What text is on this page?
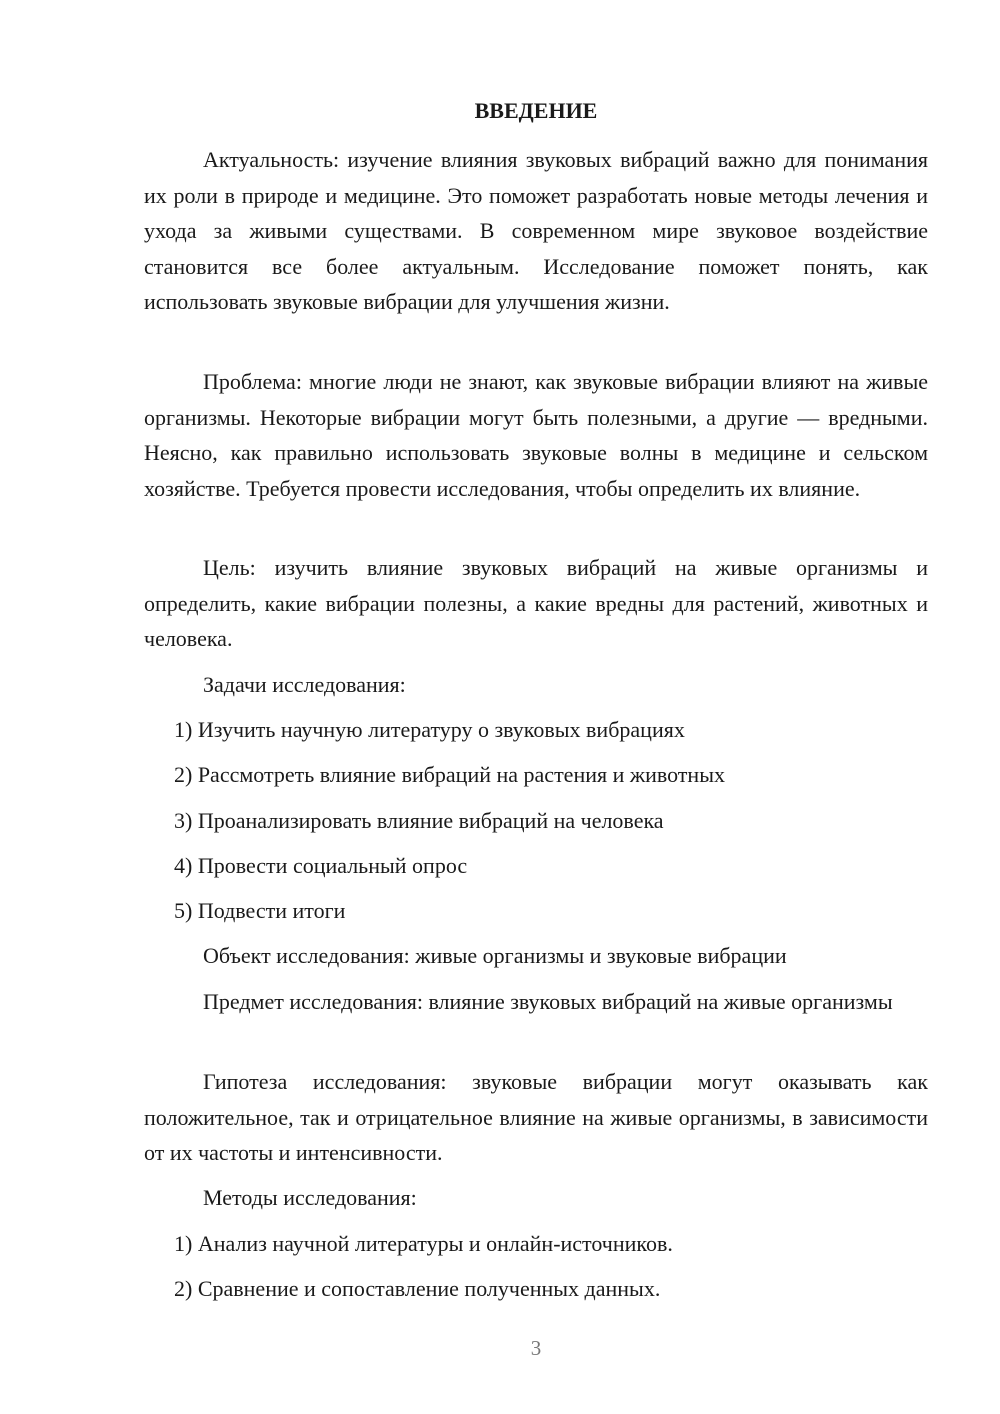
ВВЕДЕНИЕ

Актуальность: изучение влияния звуковых вибраций важно для понимания их роли в природе и медицине. Это поможет разработать новые методы лечения и ухода за живыми существами. В современном мире звуковое воздействие становится все более актуальным. Исследование поможет понять, как использовать звуковые вибрации для улучшения жизни.

Проблема: многие люди не знают, как звуковые вибрации влияют на живые организмы. Некоторые вибрации могут быть полезными, а другие — вредными. Неясно, как правильно использовать звуковые волны в медицине и сельском хозяйстве. Требуется провести исследования, чтобы определить их влияние.

Цель: изучить влияние звуковых вибраций на живые организмы и определить, какие вибрации полезны, а какие вредны для растений, животных и человека.

Задачи исследования:

1) Изучить научную литературу о звуковых вибрациях

2) Рассмотреть влияние вибраций на растения и животных

3) Проанализировать влияние вибраций на человека

4) Провести социальный опрос

5) Подвести итоги

Объект исследования: живые организмы и звуковые вибрации

Предмет исследования: влияние звуковых вибраций на живые организмы

Гипотеза исследования: звуковые вибрации могут оказывать как положительное, так и отрицательное влияние на живые организмы, в зависимости от их частоты и интенсивности.

Методы исследования:

1) Анализ научной литературы и онлайн-источников.

2) Сравнение и сопоставление полученных данных.

3
